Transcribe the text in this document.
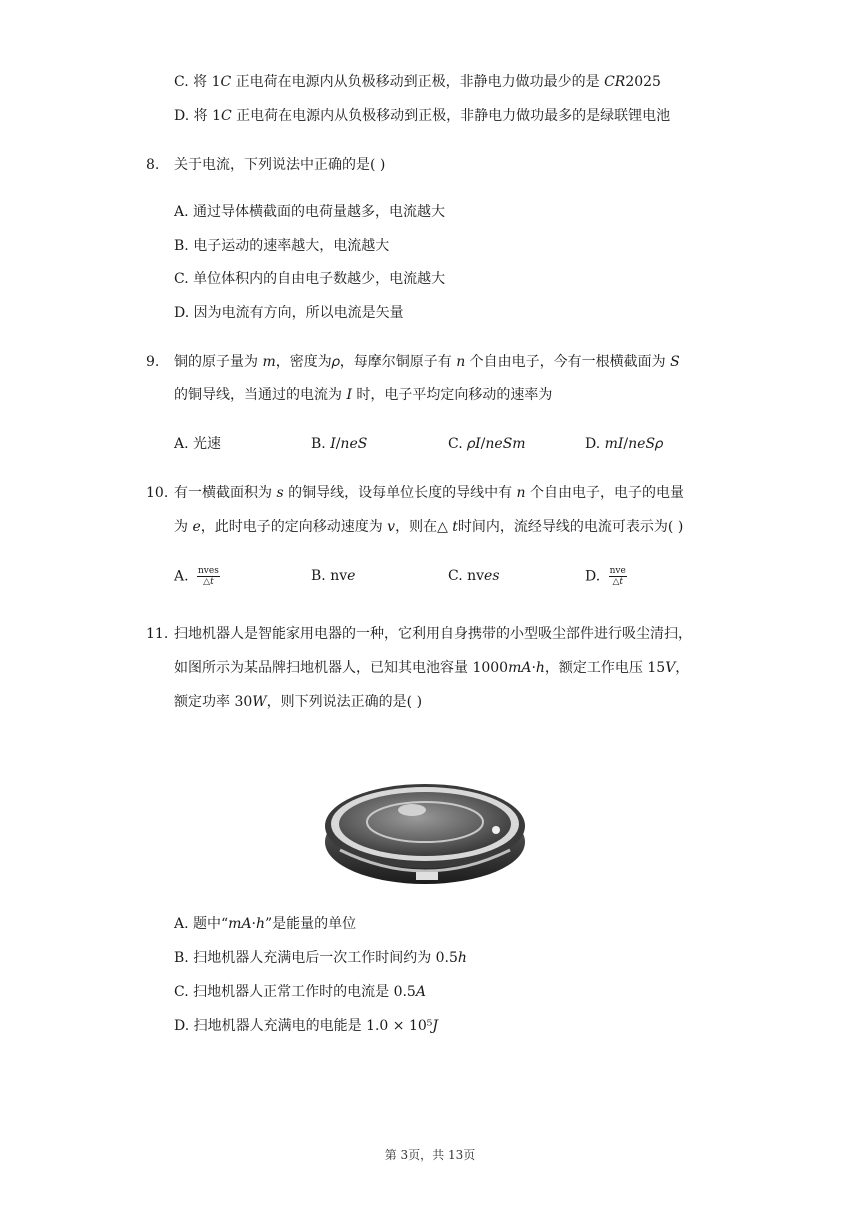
C. 将 1𝐶 正电荷在电源内从负极移动到正极，非静电力做功最少的是 𝐶𝑅2025
D. 将 1𝐶 正电荷在电源内从负极移动到正极，非静电力做功最多的是绿联锂电池
8. 关于电流，下列说法中正确的是( )
A. 通过导体横截面的电荷量越多，电流越大
B. 电子运动的速率越大，电流越大
C. 单位体积内的自由电子数越少，电流越大
D. 因为电流有方向，所以电流是矢量
9. 铜的原子量为 𝑚，密度为𝜌，每摩尔铜原子有 𝑛 个自由电子，今有一根横截面为 𝑆
的铜导线，当通过的电流为 𝐼 时，电子平均定向移动的速率为
A. 光速	B. 𝐼/𝑛𝑒𝑆	C. 𝜌𝐼/𝑛𝑒𝑆𝑚	D. 𝑚𝐼/𝑛𝑒𝑆𝜌
10. 有一横截面积为 𝑠 的铜导线，设每单位长度的导线中有 𝑛 个自由电子，电子的电量
为 𝑒，此时电子的定向移动速度为 𝑣，则在△ 𝑡时间内，流经导线的电流可表示为( )
A. $\frac{\text{nves}}{\text{△𝑡}}$	B. nv𝑒	C. nv𝑒𝑠	D. $\frac{\text{nve}}{\text{△𝑡}}$
11. 扫地机器人是智能家用电器的一种，它利用自身携带的小型吸尘部件进行吸尘清扫，
如图所示为某品牌扫地机器人，已知其电池容量 1000𝑚𝐴·ℎ，额定工作电压 15𝑉，
额定功率 30𝑊，则下列说法正确的是( )
A. 题中“𝑚𝐴·ℎ”是能量的单位
B. 扫地机器人充满电后一次工作时间约为 0.5ℎ
C. 扫地机器人正常工作时的电流是 0.5𝐴
D. 扫地机器人充满电的电能是 1.0 × 10⁵𝐽
第 3页，共 13页
